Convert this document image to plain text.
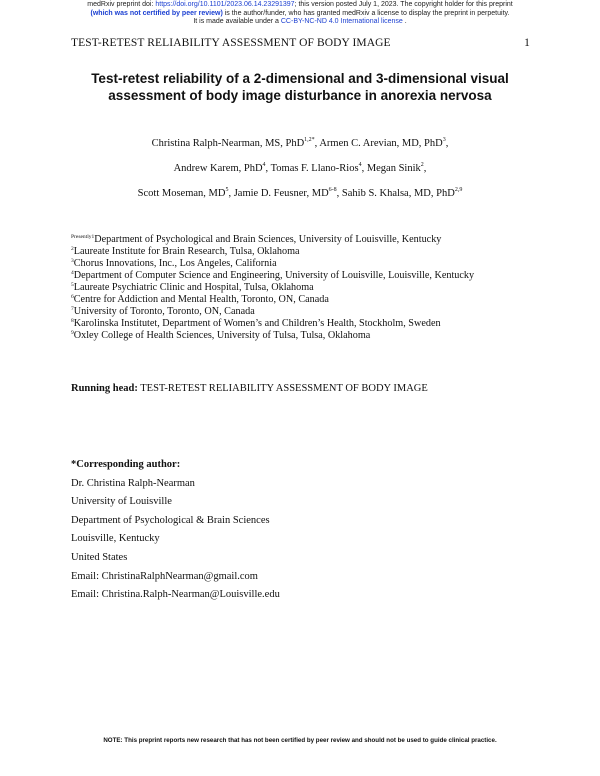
medRxiv preprint doi: https://doi.org/10.1101/2023.06.14.23291397; this version posted July 1, 2023. The copyright holder for this preprint
(which was not certified by peer review) is the author/funder, who has granted medRxiv a license to display the preprint in perpetuity.
It is made available under a CC-BY-NC-ND 4.0 International license .
TEST-RETEST RELIABILITY ASSESSMENT OF BODY IMAGE	1
Test-retest reliability of a 2-dimensional and 3-dimensional visual
assessment of body image disturbance in anorexia nervosa
Christina Ralph-Nearman, MS, PhD$^{1,2*}$, Armen C. Arevian, MD, PhD$^3$,
Andrew Karem, PhD$^4$, Tomas F. Llano-Rios$^4$, Megan Sinik$^2$,
Scott Moseman, $MD^5$, Jamie D. Feusner, MD$^{6-8}$, Sahib S. Khalsa, MD, PhD$^{2,9}$
$^{Presently1}$Department of Psychological and Brain Sciences, University of Louisville, Kentucky
$^2$Laureate Institute for Brain Research, Tulsa, Oklahoma
$^3$Chorus Innovations, Inc., Los Angeles, California
$^4$Department of Computer Science and Engineering, University of Louisville, Louisville, Kentucky
$^5$Laureate Psychiatric Clinic and Hospital, Tulsa, Oklahoma
$^6$Centre for Addiction and Mental Health, Toronto, ON, Canada
$^7$University of Toronto, Toronto, ON, Canada
$^8$Karolinska Institutet, Department of Women’s and Children’s Health, Stockholm, Sweden
$^9$Oxley College of Health Sciences, University of Tulsa, Tulsa, Oklahoma
Running head: TEST-RETEST RELIABILITY ASSESSMENT OF BODY IMAGE
*Corresponding author:
Dr. Christina Ralph-Nearman
University of Louisville
Department of Psychological & Brain Sciences
Louisville, Kentucky
United States
Email: ChristinaRalphNearman@gmail.com
Email: Christina.Ralph-Nearman@Louisville.edu
NOTE: This preprint reports new research that has not been certified by peer review and should not be used to guide clinical practice.
